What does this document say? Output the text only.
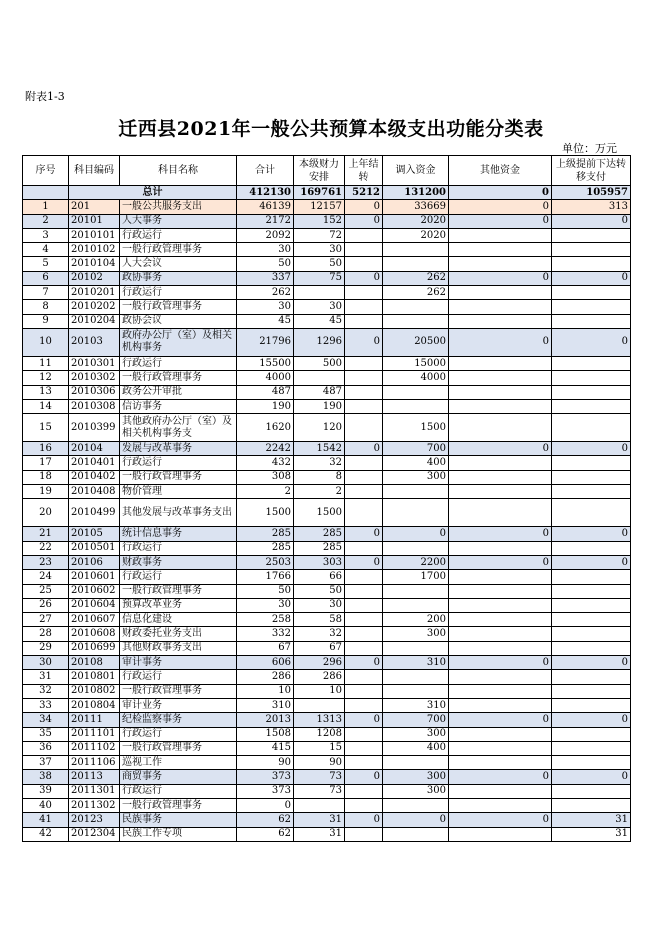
附表1-3
迁西县2021年一般公共预算本级支出功能分类表
单位：万元
序号	科目编码	科目名称	合计	本级财力安排	上年结转	调入资金	其他资金	上级提前下达转移支付
	总计		412130	169761	5212	131200	0	105957
1	201	一般公共服务支出	46139	12157	0	33669	0	313
2	20101	人大事务	2172	152	0	2020	0	0
3	2010101	行政运行	2092	72		2020		
4	2010102	一般行政管理事务	30	30				
5	2010104	人大会议	50	50				
6	20102	政协事务	337	75	0	262	0	0
7	2010201	行政运行	262			262		
8	2010202	一般行政管理事务	30	30				
9	2010204	政协会议	45	45				
10	20103	政府办公厅（室）及相关机构事务	21796	1296	0	20500	0	0
11	2010301	行政运行	15500	500		15000		
12	2010302	一般行政管理事务	4000			4000		
13	2010306	政务公开审批	487	487				
14	2010308	信访事务	190	190				
15	2010399	其他政府办公厅（室）及相关机构事务支	1620	120		1500		
16	20104	发展与改革事务	2242	1542	0	700	0	0
17	2010401	行政运行	432	32		400		
18	2010402	一般行政管理事务	308	8		300		
19	2010408	物价管理	2	2				
20	2010499	其他发展与改革事务支出	1500	1500				
21	20105	统计信息事务	285	285	0	0	0	0
22	2010501	行政运行	285	285				
23	20106	财政事务	2503	303	0	2200	0	0
24	2010601	行政运行	1766	66		1700		
25	2010602	一般行政管理事务	50	50				
26	2010604	预算改革业务	30	30				
27	2010607	信息化建设	258	58		200		
28	2010608	财政委托业务支出	332	32		300		
29	2010699	其他财政事务支出	67	67				
30	20108	审计事务	606	296	0	310	0	0
31	2010801	行政运行	286	286				
32	2010802	一般行政管理事务	10	10				
33	2010804	审计业务	310			310		
34	20111	纪检监察事务	2013	1313	0	700	0	0
35	2011101	行政运行	1508	1208		300		
36	2011102	一般行政管理事务	415	15		400		
37	2011106	巡视工作	90	90				
38	20113	商贸事务	373	73	0	300	0	0
39	2011301	行政运行	373	73		300		
40	2011302	一般行政管理事务	0					
41	20123	民族事务	62	31	0	0	0	31
42	2012304	民族工作专项	62	31				31
